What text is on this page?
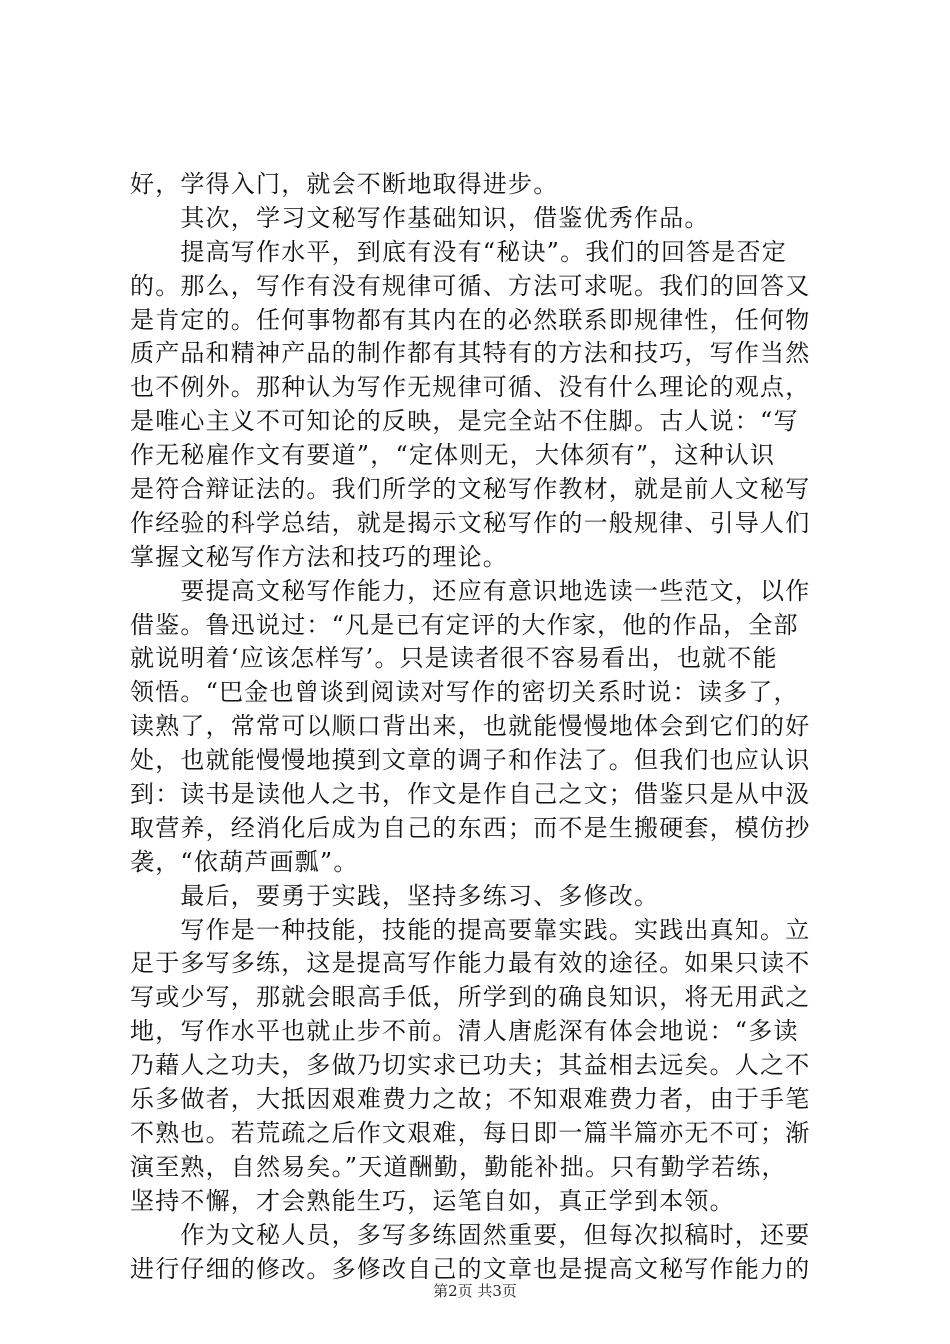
好，学得入门，就会不断地取得进步。
　　其次，学习文秘写作基础知识，借鉴优秀作品。
　　提高写作水平，到底有没有“秘诀”。我们的回答是否定
的。那么，写作有没有规律可循、方法可求呢。我们的回答又
是肯定的。任何事物都有其内在的必然联系即规律性，任何物
质产品和精神产品的制作都有其特有的方法和技巧，写作当然
也不例外。那种认为写作无规律可循、没有什么理论的观点，
是唯心主义不可知论的反映，是完全站不住脚。古人说：“写
作无秘雇作文有要道”，“定体则无，大体须有”，这种认识
是符合辩证法的。我们所学的文秘写作教材，就是前人文秘写
作经验的科学总结，就是揭示文秘写作的一般规律、引导人们
掌握文秘写作方法和技巧的理论。
　　要提高文秘写作能力，还应有意识地选读一些范文，以作
借鉴。鲁迅说过：“凡是已有定评的大作家，他的作品，全部
就说明着‘应该怎样写’。只是读者很不容易看出，也就不能
领悟。“巴金也曾谈到阅读对写作的密切关系时说：读多了，
读熟了，常常可以顺口背出来，也就能慢慢地体会到它们的好
处，也就能慢慢地摸到文章的调子和作法了。但我们也应认识
到：读书是读他人之书，作文是作自己之文；借鉴只是从中汲
取营养，经消化后成为自己的东西；而不是生搬硬套，模仿抄
袭，“依葫芦画瓢”。
　　最后，要勇于实践，坚持多练习、多修改。
　　写作是一种技能，技能的提高要靠实践。实践出真知。立
足于多写多练，这是提高写作能力最有效的途径。如果只读不
写或少写，那就会眼高手低，所学到的确良知识，将无用武之
地，写作水平也就止步不前。清人唐彪深有体会地说：“多读
乃藉人之功夫，多做乃切实求已功夫；其益相去远矣。人之不
乐多做者，大抵因艰难费力之故；不知艰难费力者，由于手笔
不熟也。若荒疏之后作文艰难，每日即一篇半篇亦无不可；渐
演至熟，自然易矣。”天道酬勤，勤能补拙。只有勤学若练，
坚持不懈，才会熟能生巧，运笔自如，真正学到本领。
　　作为文秘人员，多写多练固然重要，但每次拟稿时，还要
进行仔细的修改。多修改自己的文章也是提高文秘写作能力的
第2页 共3页
